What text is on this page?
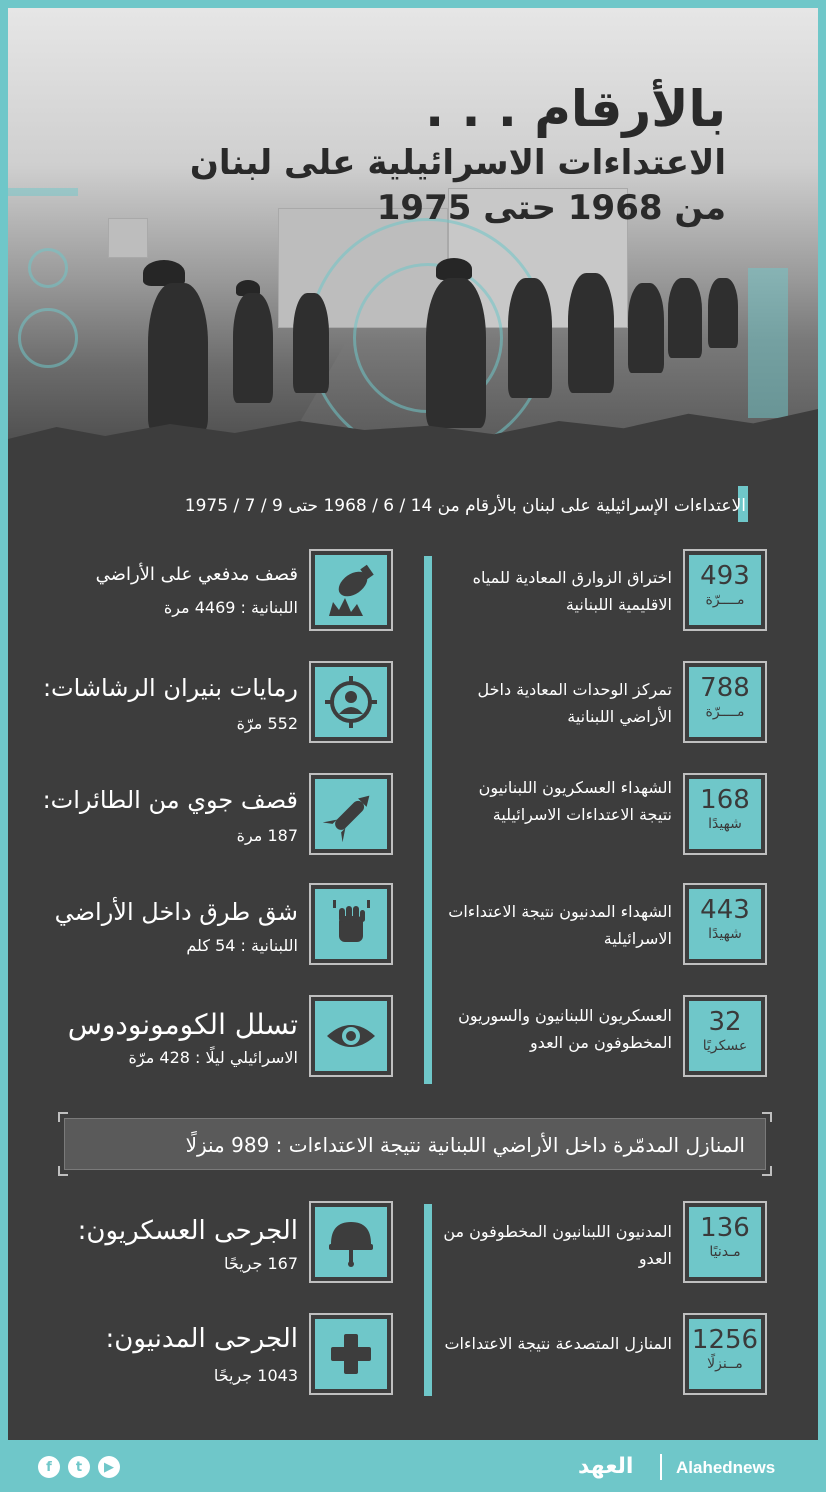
بالأرقام . . .
الاعتداءات الاسرائيلية على لبنان
من 1968 حتى 1975
الاعتداءات الإسرائيلية على لبنان بالأرقام من 14 / 6 / 1968 حتى 9 / 7 / 1975
493
مــــرّة
اختراق الزوارق المعادية للمياه الاقليمية اللبنانية
788
مــــرّة
تمركز الوحدات المعادية داخل الأراضي اللبنانية
168
شهيدًا
الشهداء العسكريون اللبنانيون نتيجة الاعتداءات الاسرائيلية
443
شهيدًا
الشهداء المدنيون نتيجة الاعتداءات الاسرائيلية
32
عسكريًا
العسكريون اللبنانيون والسوريون المخطوفون من العدو
قصف مدفعي على الأراضي
اللبنانية : 4469 مرة
رمايات بنيران الرشاشات:
552 مرّة
قصف جوي من الطائرات:
187 مرة
شق طرق داخل الأراضي
اللبنانية : 54 كلم
تسلل الكومونودوس
الاسرائيلي ليلًا : 428 مرّة
المنازل المدمّرة داخل الأراضي اللبنانية نتيجة الاعتداءات : 989 منزلًا
136
مـدنيًا
المدنيون اللبنانيون المخطوفون من العدو
1256
مــنزلًا
المنازل المتصدعة نتيجة الاعتداءات
الجرحى العسكريون:
167 جريحًا
الجرحى المدنيون:
1043 جريحًا
f	t	▶	العهد	Alahednews
